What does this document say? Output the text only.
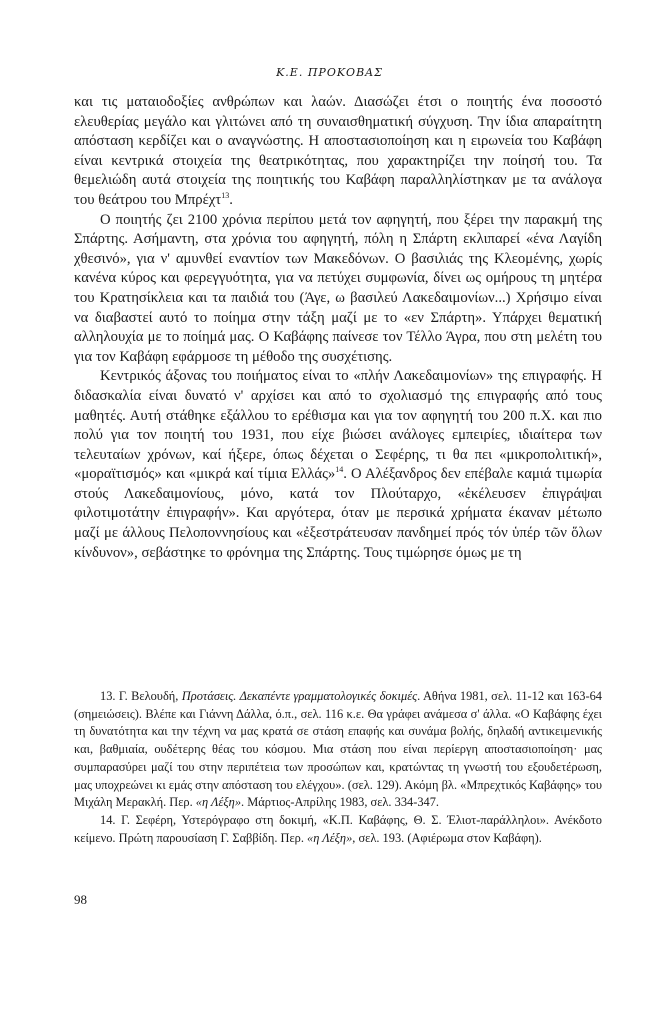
Κ.Ε. ΠΡΟΚΟΒΑΣ

και τις ματαιοδοξίες ανθρώπων και λαών. Διασώζει έτσι ο ποιητής ένα ποσοστό ελευθερίας μεγάλο και γλιτώνει από τη συναισθηματική σύγχυση. Την ίδια απαραίτητη απόσταση κερδίζει και ο αναγνώστης. Η αποστασιοποίηση και η ειρωνεία του Καβάφη είναι κεντρικά στοιχεία της θεατρικότητας, που χαρακτηρίζει την ποίησή του. Τα θεμελιώδη αυτά στοιχεία της ποιητικής του Καβάφη παραλληλίστηκαν με τα ανάλογα του θεάτρου του Μπρέχτ$^{13}$.

Ο ποιητής ζει 2100 χρόνια περίπου μετά τον αφηγητή, που ξέρει την παρακμή της Σπάρτης. Ασήμαντη, στα χρόνια του αφηγητή, πόλη η Σπάρτη εκλιπαρεί «ένα Λαγίδη χθεσινό», για ν' αμυνθεί εναντίον των Μακεδόνων. Ο βασιλιάς της Κλεομένης, χωρίς κανένα κύρος και φερεγγυότητα, για να πετύχει συμφωνία, δίνει ως ομήρους τη μητέρα του Κρατησίκλεια και τα παιδιά του (Άγε, ω βασιλεύ Λακεδαιμονίων...) Χρήσιμο είναι να διαβαστεί αυτό το ποίημα στην τάξη μαζί με το «εν Σπάρτη». Υπάρχει θεματική αλληλουχία με το ποίημά μας. Ο Καβάφης παίνεσε τον Τέλλο Άγρα, που στη μελέτη του για τον Καβάφη εφάρμοσε τη μέθοδο της συσχέτισης.

Κεντρικός άξονας του ποιήματος είναι το «πλήν Λακεδαιμονίων» της επιγραφής. Η διδασκαλία είναι δυνατό ν' αρχίσει και από το σχολιασμό της επιγραφής από τους μαθητές. Αυτή στάθηκε εξάλλου το ερέθισμα και για τον αφηγητή του 200 π.Χ. και πιο πολύ για τον ποιητή του 1931, που είχε βιώσει ανάλογες εμπειρίες, ιδιαίτερα των τελευταίων χρόνων, καί ήξερε, όπως δέχεται ο Σεφέρης, τι θα πει «μικροπολιτική», «μοραϊτισμός» και «μικρά καί τίμια Ελλάς»$^{14}$. Ο Αλέξανδρος δεν επέβαλε καμιά τιμωρία στούς Λακεδαιμονίους, μόνο, κατά τον Πλούταρχο, «ἐκέλευσεν ἐπιγράψαι φιλοτιμοτάτην ἐπιγραφήν». Και αργότερα, όταν με περσικά χρήματα έκαναν μέτωπο μαζί με άλλους Πελοποννησίους και «ἐξεστράτευσαν πανδημεί πρός τόν ὑπέρ τῶν ὅλων κίνδυνον», σεβάστηκε το φρόνημα της Σπάρτης. Τους τιμώρησε όμως με τη

13. Γ. Βελουδή, Προτάσεις. Δεκαπέντε γραμματολογικές δοκιμές. Αθήνα 1981, σελ. 11-12 και 163-64 (σημειώσεις). Βλέπε και Γιάννη Δάλλα, ό.π., σελ. 116 κ.ε. Θα γράφει ανάμεσα σ' άλλα. «Ο Καβάφης έχει τη δυνατότητα και την τέχνη να μας κρατά σε στάση επαφής και συνάμα βολής, δηλαδή αντικειμενικής και, βαθμιαία, ουδέτερης θέας του κόσμου. Μια στάση που είναι περίεργη αποστασιοποίηση· μας συμπαρασύρει μαζί του στην περιπέτεια των προσώπων και, κρατώντας τη γνωστή του εξουδετέρωση, μας υποχρεώνει κι εμάς στην απόσταση του ελέγχου». (σελ. 129). Ακόμη βλ. «Μπρεχτικός Καβάφης» του Μιχάλη Μερακλή. Περ. «η Λέξη». Μάρτιος-Απρίλης 1983, σελ. 334-347.

14. Γ. Σεφέρη, Υστερόγραφο στη δοκιμή, «Κ.Π. Καβάφης, Θ. Σ. Έλιοτ-παράλληλοι». Ανέκδοτο κείμενο. Πρώτη παρουσίαση Γ. Σαββίδη. Περ. «η Λέξη», σελ. 193. (Αφιέρωμα στον Καβάφη).

98
